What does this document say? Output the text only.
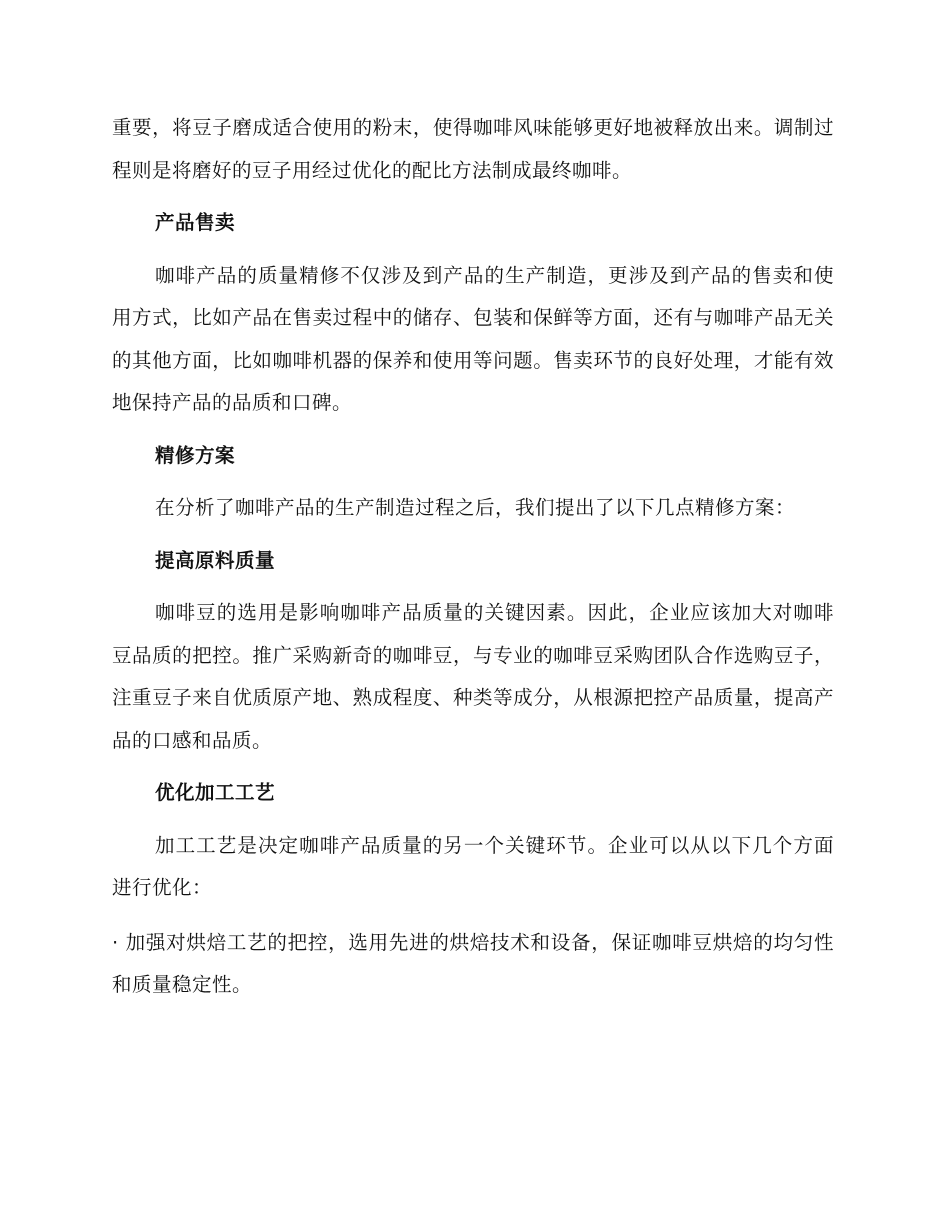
重要，将豆子磨成适合使用的粉末，使得咖啡风味能够更好地被释放出来。调制过程则是将磨好的豆子用经过优化的配比方法制成最终咖啡。

产品售卖

咖啡产品的质量精修不仅涉及到产品的生产制造，更涉及到产品的售卖和使用方式，比如产品在售卖过程中的储存、包装和保鲜等方面，还有与咖啡产品无关的其他方面，比如咖啡机器的保养和使用等问题。售卖环节的良好处理，才能有效地保持产品的品质和口碑。

精修方案

在分析了咖啡产品的生产制造过程之后，我们提出了以下几点精修方案：

提高原料质量

咖啡豆的选用是影响咖啡产品质量的关键因素。因此，企业应该加大对咖啡豆品质的把控。推广采购新奇的咖啡豆，与专业的咖啡豆采购团队合作选购豆子，注重豆子来自优质原产地、熟成程度、种类等成分，从根源把控产品质量，提高产品的口感和品质。

优化加工工艺

加工工艺是决定咖啡产品质量的另一个关键环节。企业可以从以下几个方面进行优化：

· 加强对烘焙工艺的把控，选用先进的烘焙技术和设备，保证咖啡豆烘焙的均匀性和质量稳定性。
